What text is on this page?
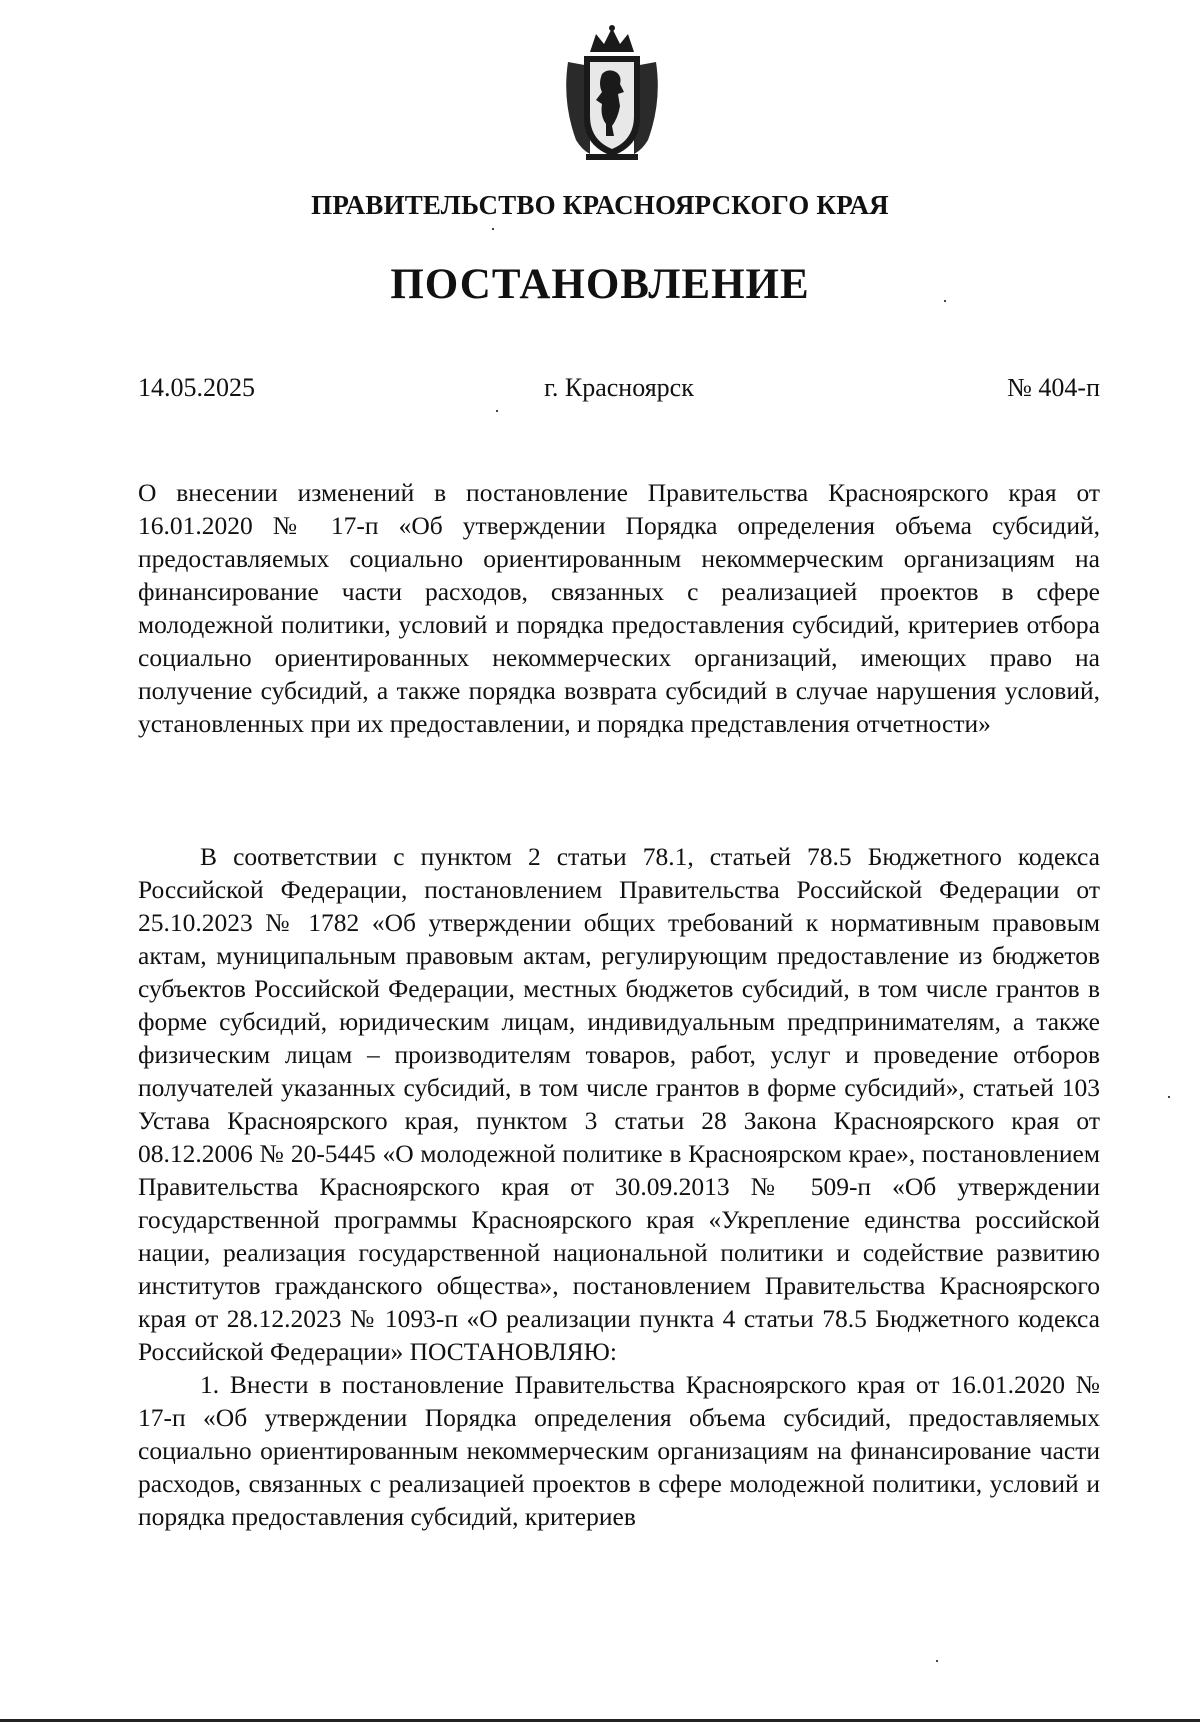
ПРАВИТЕЛЬСТВО КРАСНОЯРСКОГО КРАЯ
ПОСТАНОВЛЕНИЕ
14.05.2025	г. Красноярск	№ 404-п

О внесении изменений в постановление Правительства Красноярского края от 16.01.2020 № 17-п «Об утверждении Порядка определения объема субсидий, предоставляемых социально ориентированным некоммерческим организациям на финансирование части расходов, связанных с реализацией проектов в сфере молодежной политики, условий и порядка предоставления субсидий, критериев отбора социально ориентированных некоммерческих организаций, имеющих право на получение субсидий, а также порядка возврата субсидий в случае нарушения условий, установленных при их предоставлении, и порядка представления отчетности»

В соответствии с пунктом 2 статьи 78.1, статьей 78.5 Бюджетного кодекса Российской Федерации, постановлением Правительства Российской Федерации от 25.10.2023 № 1782 «Об утверждении общих требований к нормативным правовым актам, муниципальным правовым актам, регулирующим предоставление из бюджетов субъектов Российской Федерации, местных бюджетов субсидий, в том числе грантов в форме субсидий, юридическим лицам, индивидуальным предпринимателям, а также физическим лицам – производителям товаров, работ, услуг и проведение отборов получателей указанных субсидий, в том числе грантов в форме субсидий», статьей 103 Устава Красноярского края, пунктом 3 статьи 28 Закона Красноярского края от 08.12.2006 № 20-5445 «О молодежной политике в Красноярском крае», постановлением Правительства Красноярского края от 30.09.2013 № 509-п «Об утверждении государственной программы Красноярского края «Укрепление единства российской нации, реализация государственной национальной политики и содействие развитию институтов гражданского общества», постановлением Правительства Красноярского края от 28.12.2023 № 1093-п «О реализации пункта 4 статьи 78.5 Бюджетного кодекса Российской Федерации» ПОСТАНОВЛЯЮ:

1. Внести в постановление Правительства Красноярского края от 16.01.2020 № 17-п «Об утверждении Порядка определения объема субсидий, предоставляемых социально ориентированным некоммерческим организациям на финансирование части расходов, связанных с реализацией проектов в сфере молодежной политики, условий и порядка предоставления субсидий, критериев
